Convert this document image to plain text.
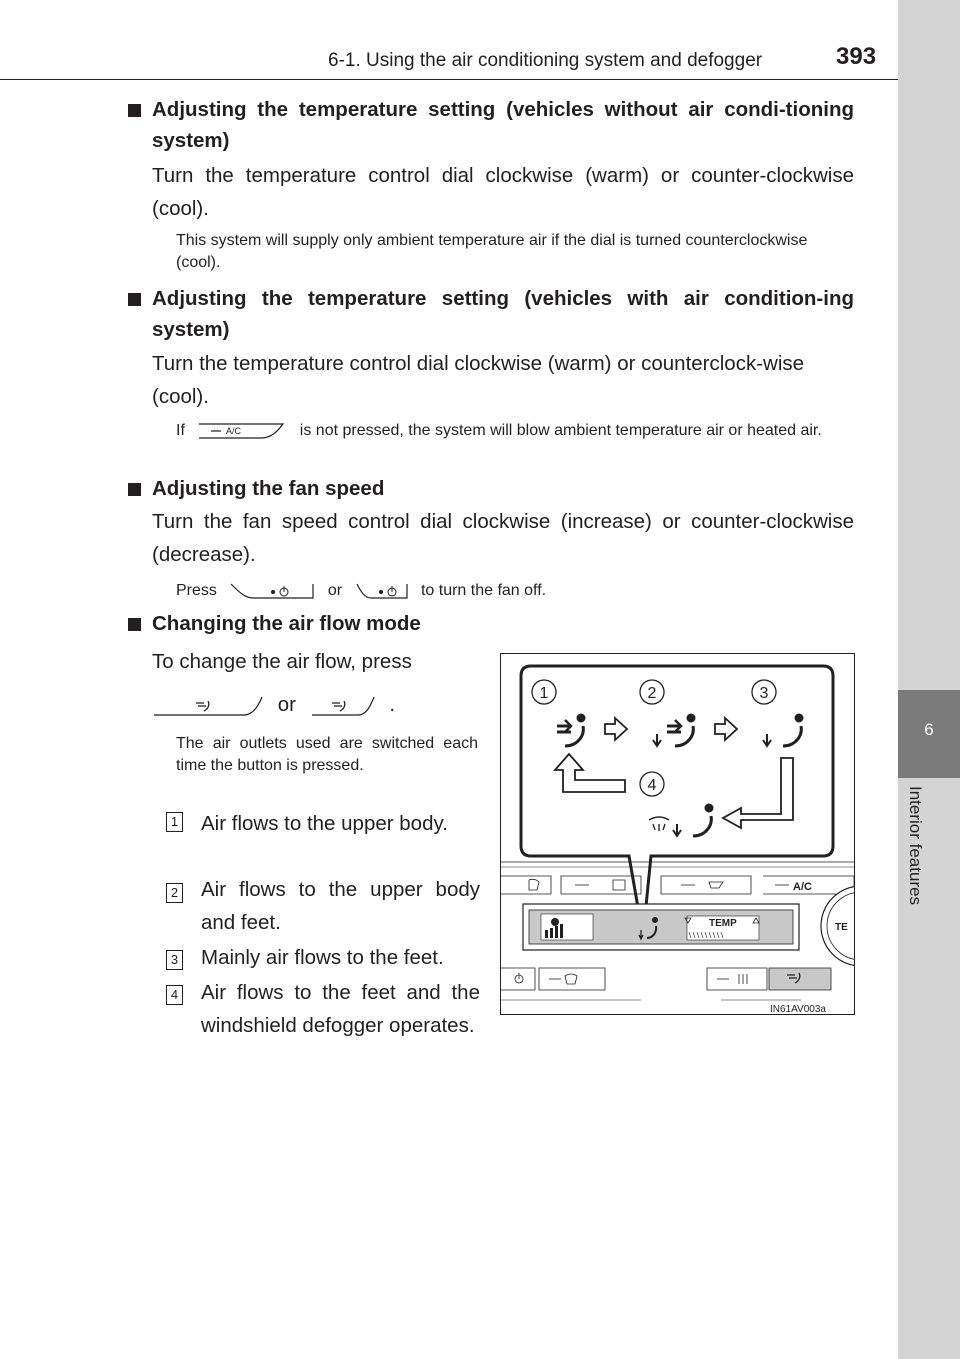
6-1. Using the air conditioning system and defogger	393
6
Interior features
Adjusting the temperature setting (vehicles without air condi-tioning system)
Turn the temperature control dial clockwise (warm) or counter-clockwise (cool).
This system will supply only ambient temperature air if the dial is turned counterclockwise (cool).
Adjusting the temperature setting (vehicles with air condition-ing system)
Turn the temperature control dial clockwise (warm) or counterclock-wise (cool).
If	A/C	is not pressed, the system will blow ambient temperature air or heated air.
Adjusting the fan speed
Turn the fan speed control dial clockwise (increase) or counter-clockwise (decrease).
Press	or	to turn the fan off.
Changing the air flow mode
To change the air flow, press
or	.
The air outlets used are switched each time the button is pressed.
1 Air flows to the upper body.
2 Air flows to the upper body and feet.
3 Mainly air flows to the feet.
4 Air flows to the feet and the windshield defogger operates.
1	2	3
4
A/C
TEMP	TE
IN61AV003a
